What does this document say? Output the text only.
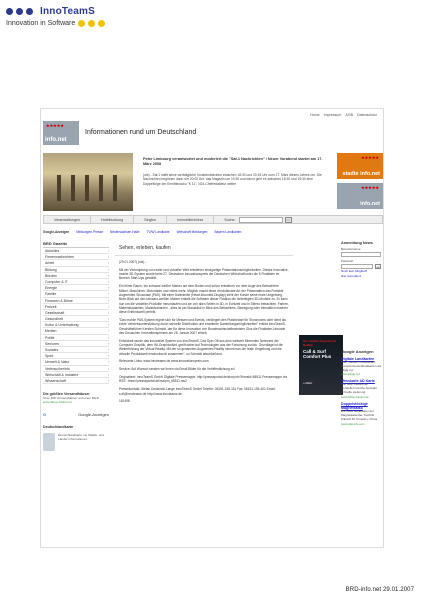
InnoTeamS
Innovation in Software
Home Impressum AGB Datenschutz
★★★★★
info.net
Informationen rund um Deutschland
Peter Limbourg verantwortet und moderiert die "Sat.1 Nachrichten" / Neuer Vorabend startet am 17. März 2008
(ots) - Sat.1 stellt seine werktägliche Vorabendstruktur zwischen 18:30 und 20:15 Uhr zum 17. März dieses Jahres um. Die Nachrichten beginnen dann um 20:00 Uhr. das Magazin um 19:30 und davor geht es zwischen 18:30 und 19:30 eine Doppelfolge der Ermittlerdoku "K 11". N24-Chefredakteur weiter
★★★★★
stadte info.net
★★★★★
info.net
Veranstaltungen	Hotelbuchung	Singles	Immobilienbörse	Suche:	>>
Google-Anzeigen Meldungen-Presse Niedersachsen-Halle TV/W Landkarte Wirtschaft Meldungen Bayern Landkarten
BRD Gazette
Aktuelles	›
Firmennachrichten	›
Arbeit	›
Bildung	›
Bürotec	›
Computer & IT	›
Energie	›
Familie	›
Finanzen & Börse	›
Freizeit	›
Gesellschaft	›
Gesundheit	›
Kultur & Unterhaltung	›
Medien	›
Politik	›
Senioren	›
Soziales	›
Sport	›
Umwelt & Natur	›
Verbraucherinfo	›
Wirtschaft & Industrie	›
Wissenschaft	›
Die größten Versandhäuser
Über 400 Versandhäuser auf einen Blick!
www.Shop-Clubs.net
G	Google-Anzeigen
Deutschlandkarte
Deutschlandkarte mit Städte- und Länder informationen
Sehen, erleben, kaufen

(29.01.2007) (ots) -

Mit der Verknüpfung von realer und virtueller Welt entstehen einzigartige Präsentationsmöglichkeiten. Dieses innovative, mobile 3D-System wurde beim 27. Deutschen Innovationspreis der Deutschen Wirtschaft unter die 5 Finalisten im Bereich Start-Ups gewählt.

Ein feiner Raum, ein schwarz-weißer Marker auf dem Boden und schon entstehen vor dem Auge des Betrachters Möbel, Maschinen, Motorräder und vieles mehr. Möglich macht diese revolutionäre Art der Präsentation das Portable Augmented Showcase (PAS). Mit einer Datenbrille (Head-Mounted-Display) sieht der Kunde seine reale Umgebung. Beim Blick auf den schwarz-weißen Marker erstellt die Software dieser Position die hinterlegten 3D-Modelle zu. Er kann nun um die virtuellen Produkte herumlaufen und sie von allen Seiten in 3D, in Echtzeit und in Stereo betrachten. Farben, Materialvarianten, Modellvarianten - alles ist per Mausklick in Blick des Betrachters. Bewegung oder Interaktion machen diese Erlebniswelt perfekt.

"Das mobile PAS-System eignet sich für Messen und Events, verlängert den Platzbedarf für Showrooms oder dient als echte Vertriebsunterstützung durch schnelle Distribution und erweiterte Darstellungsmöglichkeiten" erklärt InnoTeamS-Geschäftsführer Kersten Schmidt, der für diese Innovation von Bundeswirtschaftsminister Glos die Finalisten-Urkunde des Deutschen Innovationspreises am 26. Januar 2007 erhielt.

Entwickelt wurde das innovative System von InnoTeamS. Das Spin Off aus dem weltweit führenden Netzwerk der Computer Graphik, dem INI-GraphicsNet, greift dabei auf Technologien aus der Forschung zurück. Grundlage ist die Weiterführung der Virtual Reality. Mit der so genannten Augmented Reality nimmt man die reale Umgebung und die virtuelle Produktwelt eindrucksvoll zusammen", so Schmidt abschließend.

Relevante Links: www.innoteams.de www.innovationspreis.com

Service: Auf Wunsch senden wir Ihnen via Email Bilder für die Veröffentlichung zu!

Originaltext: InnoTeamS GmbH Digitale Pressemappe: http://presseportal.de/story.htx?firmaid=65511 Pressemappe via RSS : feed://presseportal.de/rss/pm_65511.rss2

Pressekontakt: Stefan Dudzinski-Lange InnoTeamS GmbH Telefon: 06151-155-114 Fax: 06151-155-401 Email: s.dl@innoteams.de http://www.innoteams.de

162498

Der mobile Augmented Reality
Call & Surf Comfort Plus
» Mehr
Anmeldung News
Benutzername
Passwort
ok
Noch kein Mitglied?
Hier anmelden!
Google Anzeigen
Digitale Landkarten
Welt, Länder, Postleitzahl, Europa Deutschlandkarten als gfigig.xyz
www.gfiigig.xyz
Messkarte AD Karte
Von allen bekannten Herstellern Große Auswahl - schnelle Lieferung
www.pfitzer-kanten.de
Doppelstöckige Magnetkalko
Die neue Generation der Magnetkalender. Technik Zukunft für Umwelt + Klima
www.tafel-info.com
BRD-info.net 29.01.2007
